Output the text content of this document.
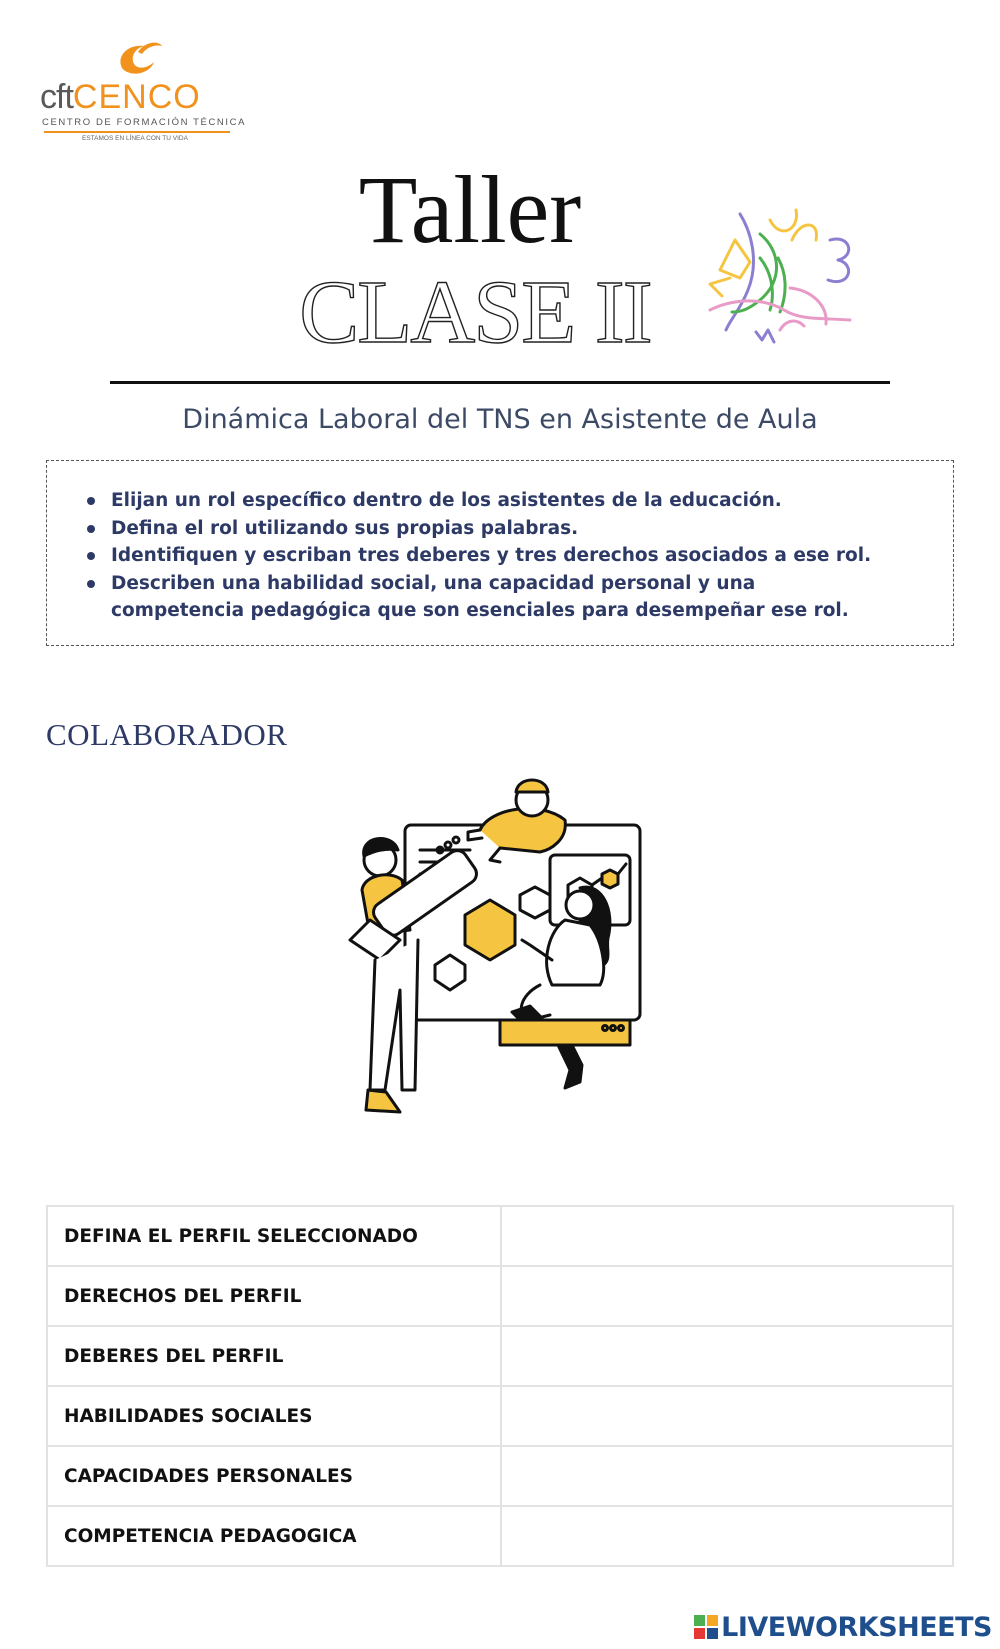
cftCENCO
CENTRO DE FORMACIÓN TÉCNICA
ESTAMOS EN LÍNEA CON TU VIDA
Taller
CLASE II
Dinámica Laboral del TNS en Asistente de Aula
Elijan un rol específico dentro de los asistentes de la educación.
Defina el rol utilizando sus propias palabras.
Identifiquen y escriban tres deberes y tres derechos asociados a ese rol.
Describen una habilidad social, una capacidad personal y una competencia pedagógica que son esenciales para desempeñar ese rol.
COLABORADOR
DEFINA EL PERFIL SELECCIONADO	
DERECHOS DEL PERFIL	
DEBERES DEL PERFIL	
HABILIDADES SOCIALES	
CAPACIDADES PERSONALES	
COMPETENCIA PEDAGOGICA	
LIVEWORKSHEETS
